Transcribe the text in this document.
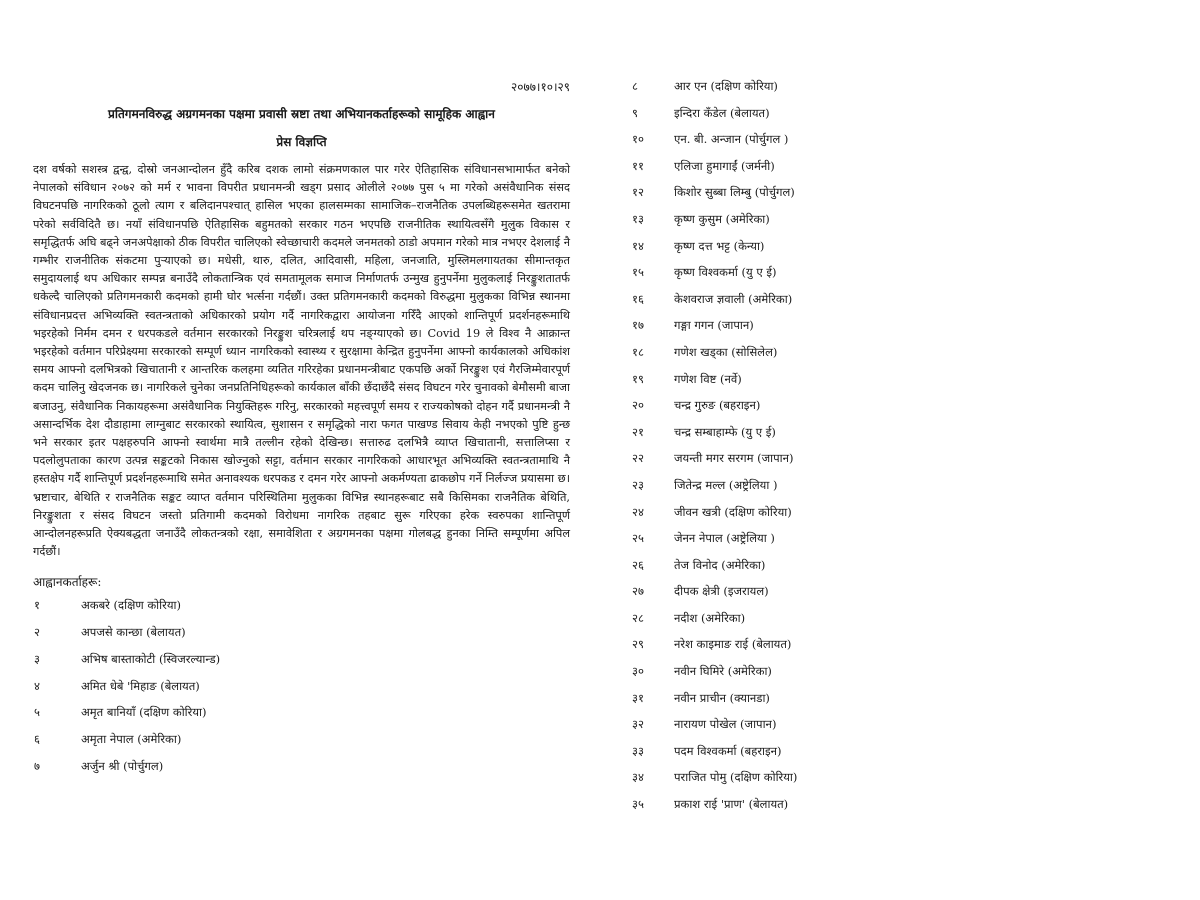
२०७७।१०।२९
प्रतिगमनविरुद्ध अग्रगमनका पक्षमा प्रवासी स्रष्टा तथा अभियानकर्ताहरूको सामूहिक आह्वान
प्रेस विज्ञप्ति

दश वर्षको सशस्त्र द्वन्द्व, दोस्रो जनआन्दोलन हुँदै करिब दशक लामो संक्रमणकाल पार गरेर ऐतिहासिक संविधानसभामार्फत बनेको नेपालको संविधान २०७२ को मर्म र भावना विपरीत प्रधानमन्त्री खड्ग प्रसाद ओलीले २०७७ पुस ५ मा गरेको असंवैधानिक संसद विघटनपछि नागरिकको ठूलो त्याग र बलिदानपश्चात् हासिल भएका हालसम्मका सामाजिक–राजनैतिक उपलब्धिहरूसमेत खतरामा परेको सर्वविदितै छ। नयाँ संविधानपछि ऐतिहासिक बहुमतको सरकार गठन भएपछि राजनीतिक स्थायित्वसँगै मुलुक विकास र समृद्धितर्फ अघि बढ्ने जनअपेक्षाको ठीक विपरीत चालिएको स्वेच्छाचारी कदमले जनमतको ठाडो अपमान गरेको मात्र नभएर देशलाई नै गम्भीर राजनीतिक संकटमा पुऱ्याएको छ। मधेसी, थारु, दलित, आदिवासी, महिला, जनजाति, मुस्लिमलगायतका सीमान्तकृत समुदायलाई थप अधिकार सम्पन्न बनाउँदै लोकतान्त्रिक एवं समतामूलक समाज निर्माणतर्फ उन्मुख हुनुपर्नेमा मुलुकलाई निरङ्कुशतातर्फ धकेल्दै चालिएको प्रतिगमनकारी कदमको हामी घोर भर्त्सना गर्दछौं। उक्त प्रतिगमनकारी कदमको विरुद्धमा मुलुकका विभिन्न स्थानमा संविधानप्रदत्त अभिव्यक्ति स्वतन्त्रताको अधिकारको प्रयोग गर्दै नागरिकद्वारा आयोजना गरिँदै आएको शान्तिपूर्ण प्रदर्शनहरूमाथि भइरहेको निर्मम दमन र धरपकडले वर्तमान सरकारको निरङ्कुश चरित्रलाई थप नङ्ग्याएको छ। Covid 19 ले विश्व नै आक्रान्त भइरहेको वर्तमान परिप्रेक्ष्यमा सरकारको सम्पूर्ण ध्यान नागरिकको स्वास्थ्य र सुरक्षामा केन्द्रित हुनुपर्नेमा आफ्नो कार्यकालको अधिकांश समय आफ्नो दलभित्रको खिचातानी र आन्तरिक कलहमा व्यतित गरिरहेका प्रधानमन्त्रीबाट एकपछि अर्को निरङ्कुश एवं गैरजिम्मेवारपूर्ण कदम चालिनु खेदजनक छ। नागरिकले चुनेका जनप्रतिनिधिहरूको कार्यकाल बाँकी छँदाछँदै संसद विघटन गरेर चुनावको बेमौसमी बाजा बजाउनु, संवैधानिक निकायहरूमा असंवैधानिक नियुक्तिहरू गरिनु, सरकारको महत्त्वपूर्ण समय र राज्यकोषको दोहन गर्दै प्रधानमन्त्री नै असान्दर्भिक देश दौडाहामा लाग्नुबाट सरकारको स्थायित्व, सुशासन र समृद्धिको नारा फगत पाखण्ड सिवाय केही नभएको पुष्टि हुन्छ भने सरकार इतर पक्षहरुपनि आफ्नो स्वार्थमा मात्रै तल्लीन रहेको देखिन्छ। सत्तारुढ दलभित्रै व्याप्त खिचातानी, सत्तालिप्सा र पदलोलुपताका कारण उत्पन्न सङ्कटको निकास खोज्नुको सट्टा, वर्तमान सरकार नागरिकको आधारभूत अभिव्यक्ति स्वतन्त्रतामाथि नै हस्तक्षेप गर्दै शान्तिपूर्ण प्रदर्शनहरूमाथि समेत अनावश्यक धरपकड र दमन गरेर आफ्नो अकर्मण्यता ढाकछोप गर्ने निर्लज्ज प्रयासमा छ। भ्रष्टाचार, बेथिति र राजनैतिक सङ्कट व्याप्त वर्तमान परिस्थितिमा मुलुकका विभिन्न स्थानहरूबाट सबै किसिमका राजनैतिक बेथिति, निरङ्कुशता र संसद विघटन जस्तो प्रतिगामी कदमको विरोधमा नागरिक तहबाट सुरू गरिएका हरेक स्वरुपका शान्तिपूर्ण आन्दोलनहरूप्रति ऐक्यबद्धता जनाउँदै लोकतन्त्रको रक्षा, समावेशिता र अग्रगमनका पक्षमा गोलबद्ध हुनका निम्ति सम्पूर्णमा अपिल गर्दछौं।

आह्वानकर्ताहरू:
१	अकबरे (दक्षिण कोरिया)
२	अपजसे कान्छा (बेलायत)
३	अभिष बास्ताकोटी (स्विजरल्यान्ड)
४	अमित धेबे 'मिहाङ (बेलायत)
५	अमृत बानियाँ (दक्षिण कोरिया)
६	अमृता नेपाल (अमेरिका)
७	अर्जुन श्री (पोर्चुगल)
८	आर एन (दक्षिण कोरिया)
९	इन्दिरा कँडेल (बेलायत)
१०	एन. बी. अन्जान (पोर्चुगल )
११	एलिजा हुमागाईं (जर्मनी)
१२	किशोर सुब्बा लिम्बु (पोर्चुगल)
१३	कृष्ण कुसुम (अमेरिका)
१४	कृष्ण दत्त भट्ट (केन्या)
१५	कृष्ण विश्वकर्मा (यु ए ई)
१६	केशवराज ज्ञवाली (अमेरिका)
१७	गङ्गा गगन (जापान)
१८	गणेश खड्का (सोसिलेल)
१९	गणेश विष्ट (नर्वे)
२०	चन्द्र गुरुङ (बहराइन)
२१	चन्द्र सम्बाहाम्फे (यु ए ई)
२२	जयन्ती मगर सरगम (जापान)
२३	जितेन्द्र मल्ल (अष्ट्रेलिया )
२४	जीवन खत्री (दक्षिण कोरिया)
२५	जेनन नेपाल (अष्ट्रेलिया )
२६	तेज विनोद (अमेरिका)
२७	दीपक क्षेत्री (इजरायल)
२८	नदीश (अमेरिका)
२९	नरेश काइमाङ राई (बेलायत)
३०	नवीन घिमिरे (अमेरिका)
३१	नवीन प्राचीन (क्यानडा)
३२	नारायण पोखेल (जापान)
३३	पदम विश्वकर्मा (बहराइन)
३४	पराजित पोमु (दक्षिण कोरिया)
३५	प्रकाश राई 'प्राण' (बेलायत)
